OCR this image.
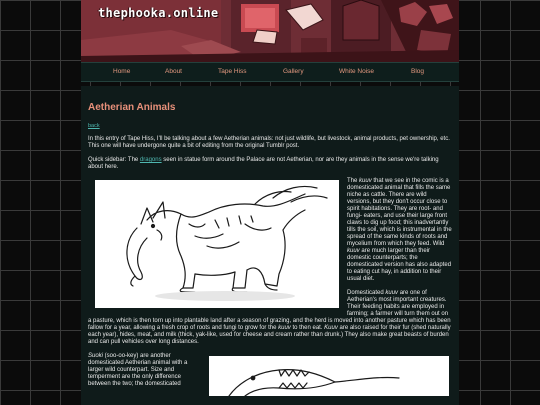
thephooka.online
Home	About	Tape Hiss	Gallery	White Noise	Blog
Aetherian Animals
back

In this entry of Tape Hiss, I'll be talking about a few Aetherian animals: not just wildlife, but livestock, animal products, pet ownership, etc. This one will have undergone quite a bit of editing from the original Tumblr post.

Quick sidebar: The dragons seen in statue form around the Palace are not Aetherian, nor are they animals in the sense we're talking about here.

The kuuv that we see in the comic is a domesticated animal that fills the same niche as cattle. There are wild versions, but they don't occur close to spirit habitations. They are root- and fungi- eaters, and use their large front claws to dig up food; this inadvertantly tills the soil, which is instrumental in the spread of the same kinds of roots and mycelium from which they feed. Wild kuuv are much larger than their domestic counterparts; the domesticated version has also adapted to eating cut hay, in addition to their usual diet.

Domesticated kuuv are one of Aetherian's most important creatures. Their feeding habits are employed in farming; a farmer will turn them out on a pasture, which is then torn up into plantable land after a season of grazing, and the herd is moved into another pasture which has been fallow for a year, allowing a fresh crop of roots and fungi to grow for the kuuv to then eat. Kuuv are also raised for their fur (shed naturally each year), hides, meat, and milk (thick, yak-like, used for cheese and cream rather than drunk.) They also make great beasts of burden and can pull vehicles over long distances.

Suoki (soo-oo-key) are another domesticated Aetherian animal with a larger wild counterpart. Size and temperment are the only difference between the two; the domesticated
